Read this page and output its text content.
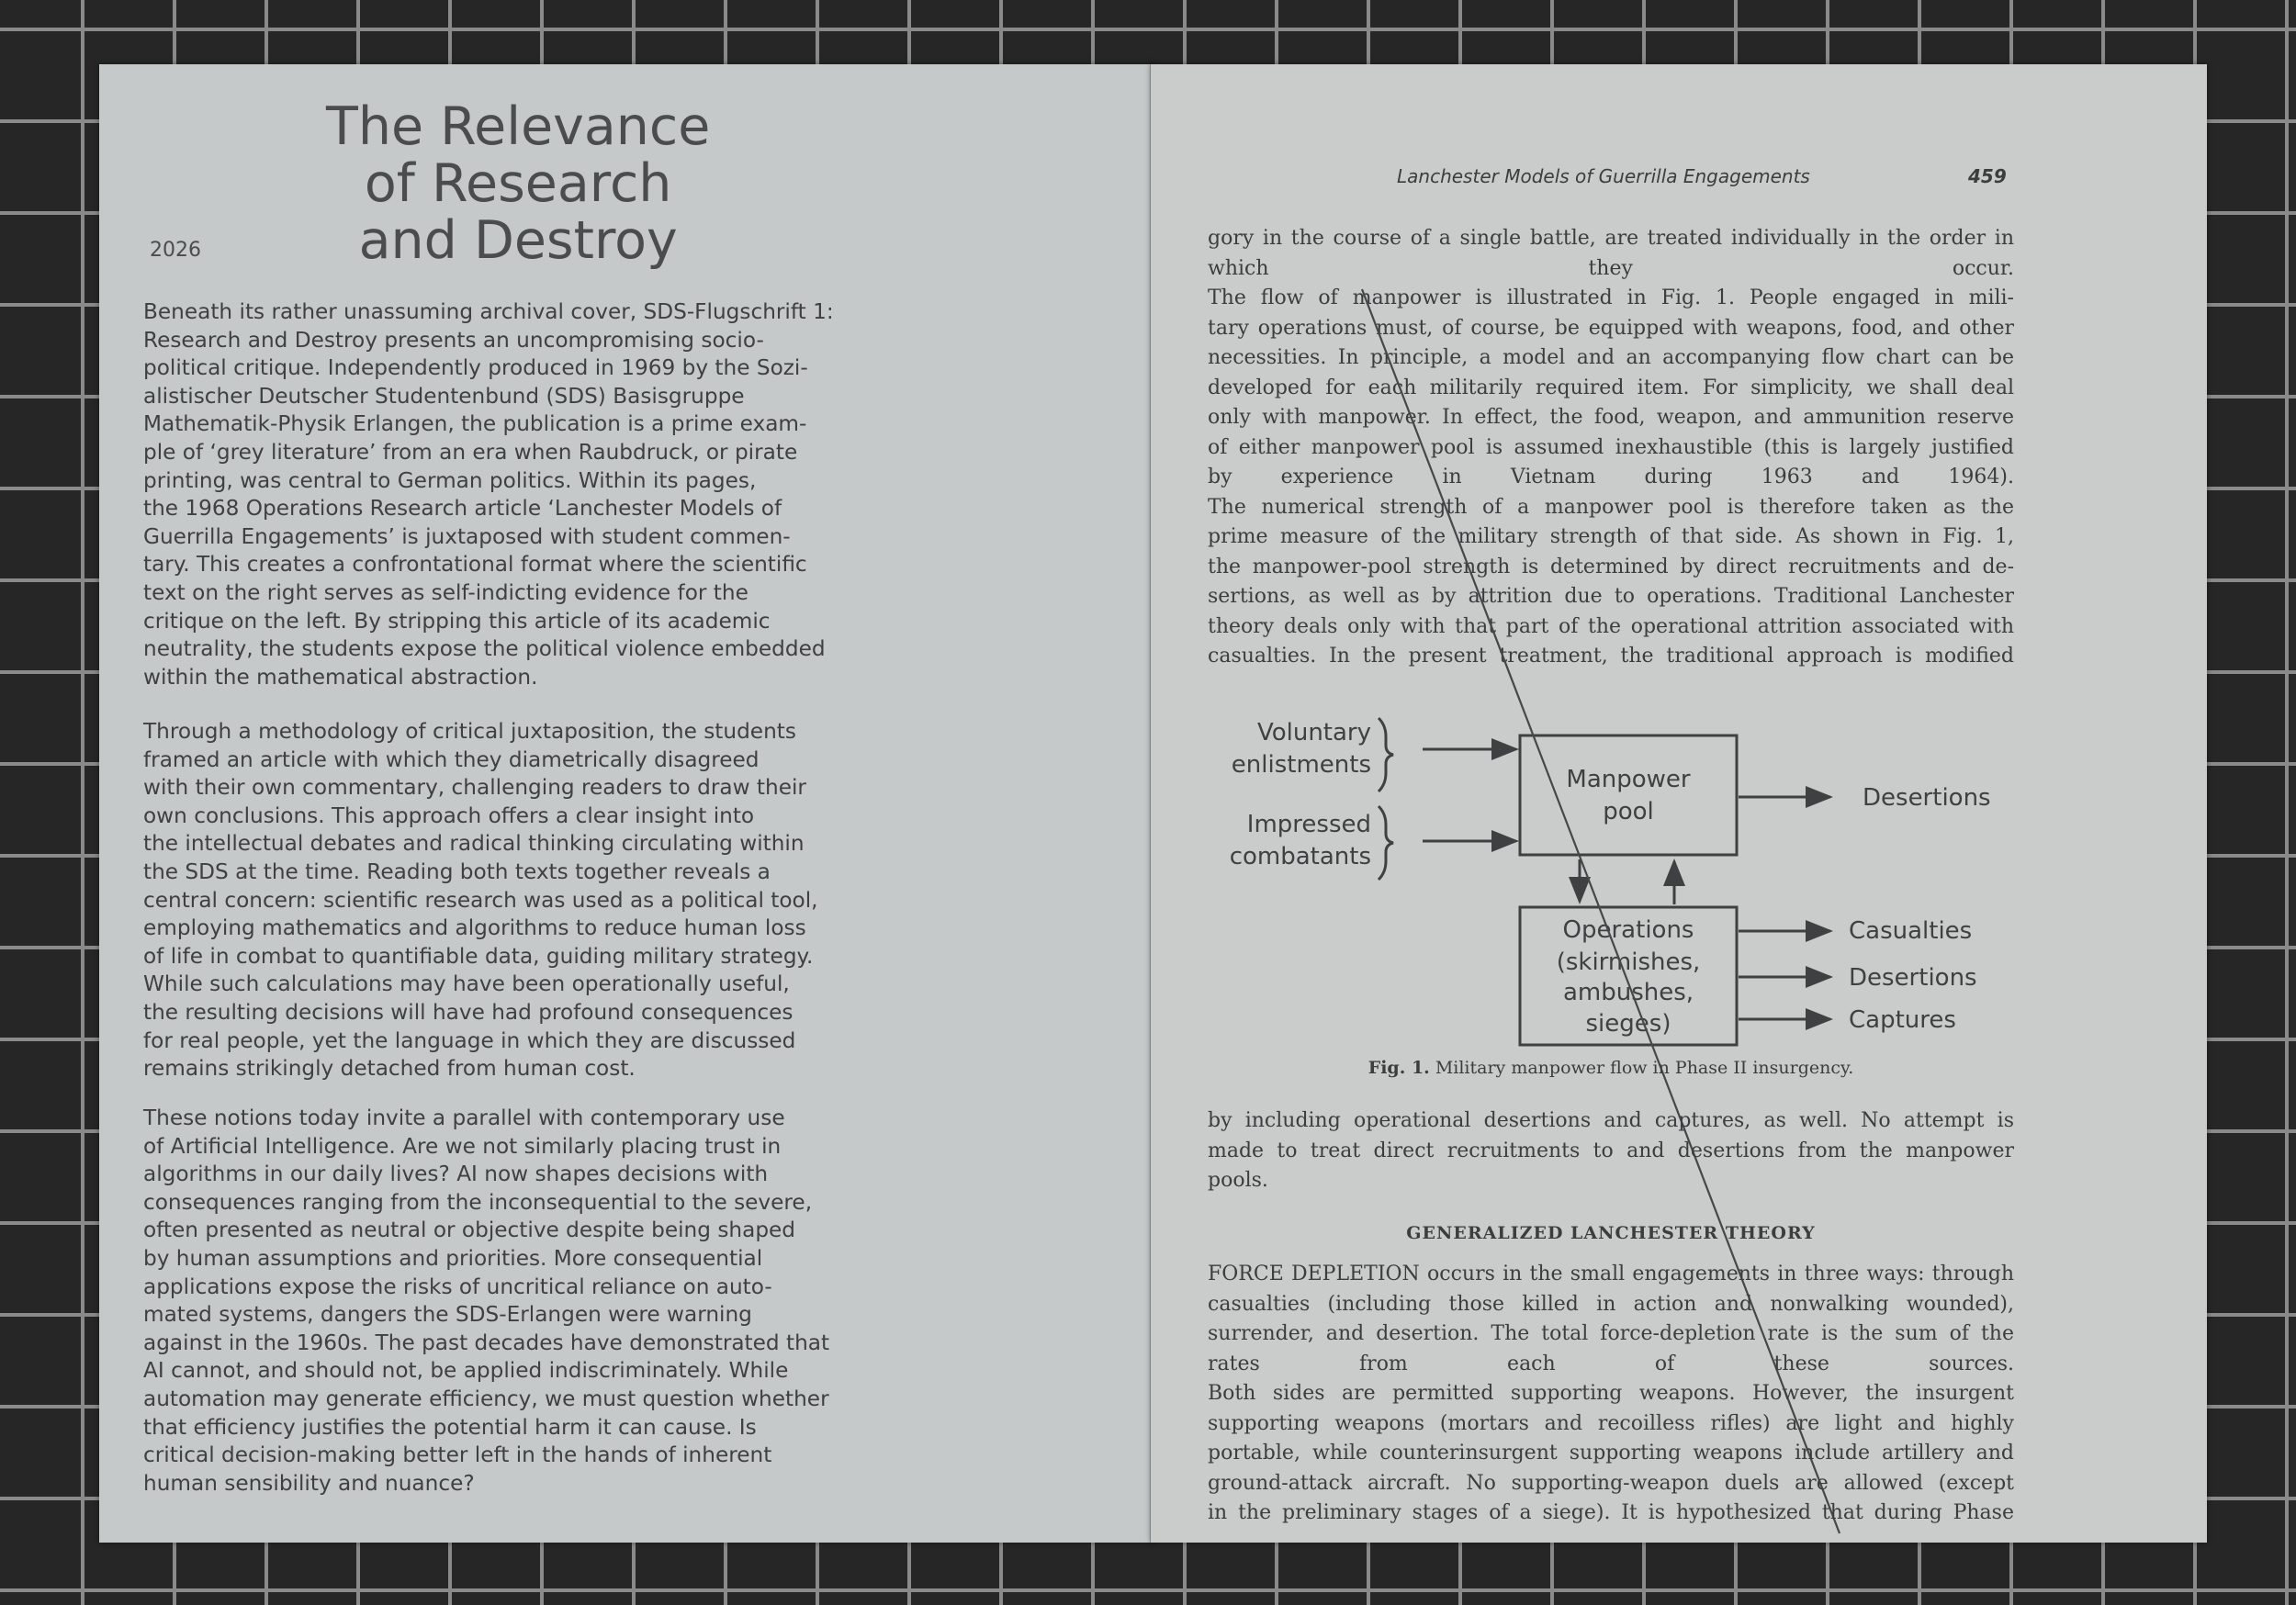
The Relevance
of Research
and Destroy
2026

Beneath its rather unassuming archival cover, SDS-Flugschrift 1:
Research and Destroy presents an uncompromising socio-
political critique. Independently produced in 1969 by the Sozi-
alistischer Deutscher Studentenbund (SDS) Basisgruppe
Mathematik-Physik Erlangen, the publication is a prime exam-
ple of ‘grey literature’ from an era when Raubdruck, or pirate
printing, was central to German politics. Within its pages,
the 1968 Operations Research article ‘Lanchester Models of
Guerrilla Engagements’ is juxtaposed with student commen-
tary. This creates a confrontational format where the scientific
text on the right serves as self-indicting evidence for the
critique on the left. By stripping this article of its academic
neutrality, the students expose the political violence embedded
within the mathematical abstraction.

Through a methodology of critical juxtaposition, the students
framed an article with which they diametrically disagreed
with their own commentary, challenging readers to draw their
own conclusions. This approach offers a clear insight into
the intellectual debates and radical thinking circulating within
the SDS at the time. Reading both texts together reveals a
central concern: scientific research was used as a political tool,
employing mathematics and algorithms to reduce human loss
of life in combat to quantifiable data, guiding military strategy.
While such calculations may have been operationally useful,
the resulting decisions will have had profound consequences
for real people, yet the language in which they are discussed
remains strikingly detached from human cost.

These notions today invite a parallel with contemporary use
of Artificial Intelligence. Are we not similarly placing trust in
algorithms in our daily lives? AI now shapes decisions with
consequences ranging from the inconsequential to the severe,
often presented as neutral or objective despite being shaped
by human assumptions and priorities. More consequential
applications expose the risks of uncritical reliance on auto-
mated systems, dangers the SDS-Erlangen were warning
against in the 1960s. The past decades have demonstrated that
AI cannot, and should not, be applied indiscriminately. While
automation may generate efficiency, we must question whether
that efficiency justifies the potential harm it can cause. Is
critical decision-making better left in the hands of inherent
human sensibility and nuance?

Lanchester Models of Guerrilla Engagements	459

gory in the course of a single battle, are treated individually in the order in
which they occur.
The flow of manpower is illustrated in Fig. 1. People engaged in mili-
tary operations must, of course, be equipped with weapons, food, and other
necessities. In principle, a model and an accompanying flow chart can be
developed for each militarily required item. For simplicity, we shall deal
only with manpower. In effect, the food, weapon, and ammunition reserve
of either manpower pool is assumed inexhaustible (this is largely justified
by experience in Vietnam during 1963 and 1964).
The numerical strength of a manpower pool is therefore taken as the
prime measure of the military strength of that side. As shown in Fig. 1,
the manpower-pool strength is determined by direct recruitments and de-
sertions, as well as by attrition due to operations. Traditional Lanchester
theory deals only with that part of the operational attrition associated with
casualties. In the present treatment, the traditional approach is modified

Voluntary
enlistments
Impressed
combatants
Manpower
pool	Desertions
Operations
(skirmishes,
ambushes,
sieges)
Casualties
Desertions
Captures
Fig. 1. Military manpower flow in Phase II insurgency.

by including operational desertions and captures, as well. No attempt is
made to treat direct recruitments to and desertions from the manpower
pools.

GENERALIZED LANCHESTER THEORY

FORCE DEPLETION occurs in the small engagements in three ways: through
casualties (including those killed in action and nonwalking wounded),
surrender, and desertion. The total force-depletion rate is the sum of the
rates from each of these sources.
Both sides are permitted supporting weapons. However, the insurgent
supporting weapons (mortars and recoilless rifles) are light and highly
portable, while counterinsurgent supporting weapons include artillery and
ground-attack aircraft. No supporting-weapon duels are allowed (except
in the preliminary stages of a siege). It is hypothesized that during Phase
